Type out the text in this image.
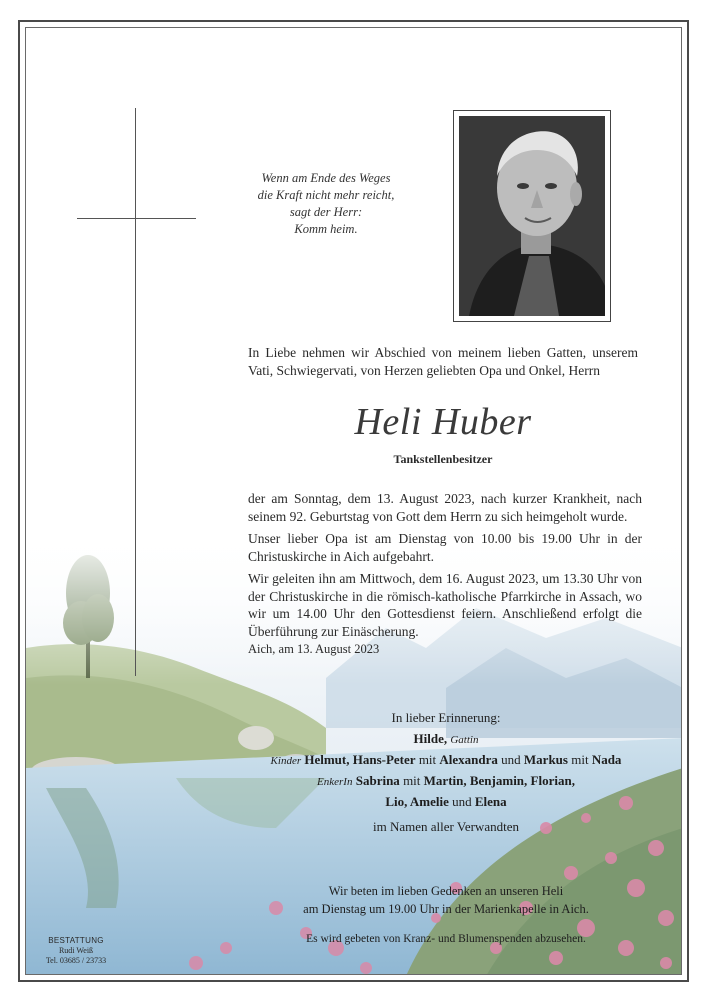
Wenn am Ende des Weges
die Kraft nicht mehr reicht,
sagt der Herr:
Komm heim.
In Liebe nehmen wir Abschied von meinem lieben Gatten, unserem Vati, Schwiegervati, von Herzen geliebten Opa und Onkel, Herrn
Heli Huber
Tankstellenbesitzer
der am Sonntag, dem 13. August 2023, nach kurzer Krankheit, nach seinem 92. Geburtstag von Gott dem Herrn zu sich heimgeholt wurde.
Unser lieber Opa ist am Dienstag von 10.00 bis 19.00 Uhr in der Christuskirche in Aich aufgebahrt.
Wir geleiten ihn am Mittwoch, dem 16. August 2023, um 13.30 Uhr von der Christuskirche in die römisch-katholische Pfarrkirche in Assach, wo wir um 14.00 Uhr den Gottesdienst feiern. Anschließend erfolgt die Überführung zur Einäscherung.
Aich, am 13. August 2023
In lieber Erinnerung:
Hilde, Gattin
Kinder Helmut, Hans-Peter mit Alexandra und Markus mit Nada
EnkerIn Sabrina mit Martin, Benjamin, Florian,
Lio, Amelie und Elena
im Namen aller Verwandten
Wir beten im lieben Gedenken an unseren Heli
am Dienstag um 19.00 Uhr in der Marienkapelle in Aich.
Es wird gebeten von Kranz- und Blumenspenden abzusehen.
BESTATTUNG
Rudi Weiß
Tel. 03685 / 23733
